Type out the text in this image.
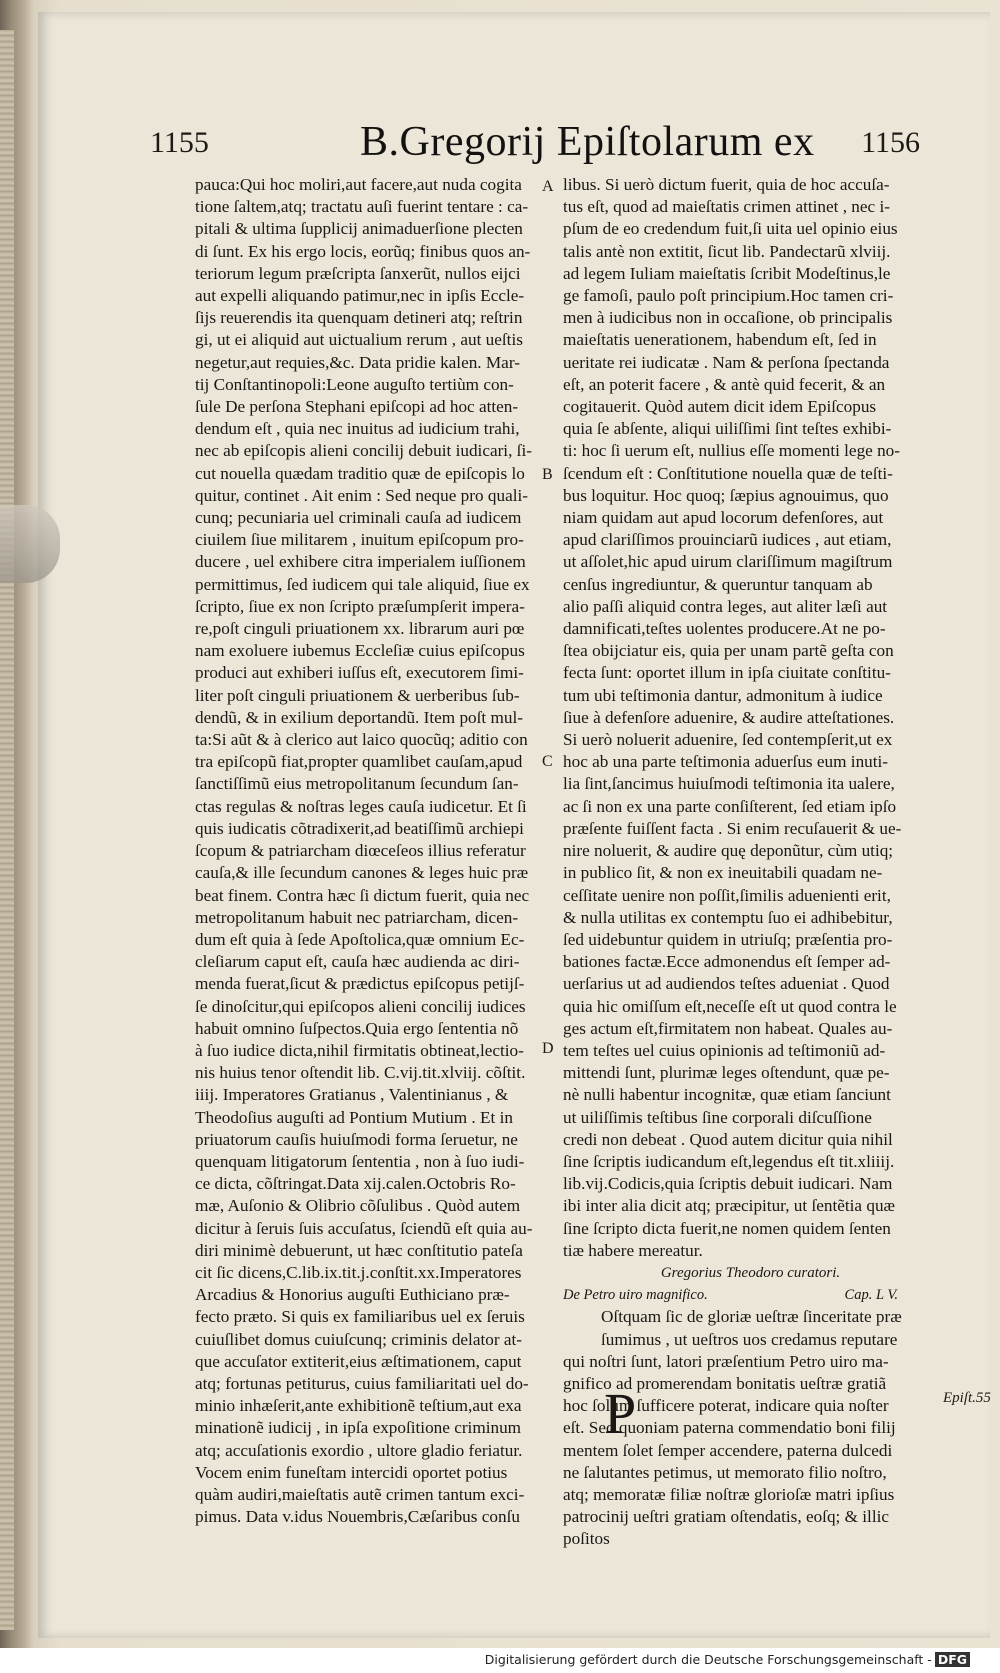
1155	B.Gregorij Epiſtolarum ex 1156
pauca:Qui hoc moliri,aut facere,aut nuda cogita
tione ſaltem,atq; tractatu auſi fuerint tentare : ca-
pitali & ultima ſupplicij animaduerſione plecten
di ſunt. Ex his ergo locis, eorũq; finibus quos an-
teriorum legum præſcripta ſanxerũt, nullos eijci
aut expelli aliquando patimur,nec in ipſis Eccle-
ſijs reuerendis ita quenquam detineri atq; reſtrin
gi, ut ei aliquid aut uictualium rerum , aut ueſtis
negetur,aut requies,&c. Data pridie kalen. Mar-
tij Conſtantinopoli:Leone auguſto tertiùm con-
ſule De perſona Stephani epiſcopi ad hoc atten-
dendum eſt , quia nec inuitus ad iudicium trahi,
nec ab epiſcopis alieni concilij debuit iudicari, ſi-
cut nouella quædam traditio quæ de epiſcopis lo
quitur, continet . Ait enim : Sed neque pro quali-
cunq; pecuniaria uel criminali cauſa ad iudicem
ciuilem ſiue militarem , inuitum epiſcopum pro-
ducere , uel exhibere citra imperialem iuſſionem
permittimus, ſed iudicem qui tale aliquid, ſiue ex
ſcripto, ſiue ex non ſcripto præſumpſerit impera-
re,poſt cinguli priuationem xx. librarum auri pœ
nam exoluere iubemus Eccleſiæ cuius epiſcopus
produci aut exhiberi iuſſus eſt, executorem ſimi-
liter poſt cinguli priuationem & uerberibus ſub-
dendũ, & in exilium deportandũ. Item poſt mul-
ta:Si aũt & à clerico aut laico quocũq; aditio con
tra epiſcopũ fiat,propter quamlibet cauſam,apud
ſanctiſſimũ eius metropolitanum ſecundum ſan-
ctas regulas & noſtras leges cauſa iudicetur. Et ſi
quis iudicatis cõtradixerit,ad beatiſſimũ archiepi
ſcopum & patriarcham diœceſeos illius referatur
cauſa,& ille ſecundum canones & leges huic præ
beat finem. Contra hæc ſi dictum fuerit, quia nec
metropolitanum habuit nec patriarcham, dicen-
dum eſt quia à ſede Apoſtolica,quæ omnium Ec-
cleſiarum caput eſt, cauſa hæc audienda ac diri-
menda fuerat,ſicut & prædictus epiſcopus petijſ-
ſe dinoſcitur,qui epiſcopos alieni concilij iudices
habuit omnino ſuſpectos.Quia ergo ſententia nõ
à ſuo iudice dicta,nihil firmitatis obtineat,lectio-
nis huius tenor oſtendit lib. C.vij.tit.xlviij. cõſtit.
iiij. Imperatores Gratianus , Valentinianus , &
Theodoſius auguſti ad Pontium Mutium . Et in
priuatorum cauſis huiuſmodi forma ſeruetur, ne
quenquam litigatorum ſententia , non à ſuo iudi-
ce dicta, cõſtringat.Data xij.calen.Octobris Ro-
mæ, Auſonio & Olibrio cõſulibus . Quòd autem
dicitur à ſeruis ſuis accuſatus, ſciendũ eſt quia au-
diri minimè debuerunt, ut hæc conſtitutio pateſa
cit ſic dicens,C.lib.ix.tit.j.conſtit.xx.Imperatores
Arcadius & Honorius auguſti Euthiciano præ-
fecto præto. Si quis ex familiaribus uel ex ſeruis
cuiuſlibet domus cuiuſcunq; criminis delator at-
que accuſator extiterit,eius æſtimationem, caput
atq; fortunas petiturus, cuius familiaritati uel do-
minio inhæſerit,ante exhibitionẽ teſtium,aut exa
minationẽ iudicij , in ipſa expoſitione criminum
atq; accuſationis exordio , ultore gladio feriatur.
Vocem enim funeſtam intercidi oportet potius
quàm audiri,maieſtatis autẽ crimen tantum exci-
pimus. Data v.idus Nouembris,Cæſaribus conſu
libus. Si uerò dictum fuerit, quia de hoc accuſa-
tus eſt, quod ad maieſtatis crimen attinet , nec i-
pſum de eo credendum fuit,ſi uita uel opinio eius
talis antè non extitit, ſicut lib. Pandectarũ xlviij.
ad legem Iuliam maieſtatis ſcribit Modeſtinus,le
ge famoſi, paulo poſt principium.Hoc tamen cri-
men à iudicibus non in occaſione, ob principalis
maieſtatis uenerationem, habendum eſt, ſed in
ueritate rei iudicatæ . Nam & perſona ſpectanda
eſt, an poterit facere , & antè quid fecerit, & an
cogitauerit. Quòd autem dicit idem Epiſcopus
quia ſe abſente, aliqui uiliſſimi ſint teſtes exhibi-
ti: hoc ſi uerum eſt, nullius eſſe momenti lege no-
ſcendum eſt : Conſtitutione nouella quæ de teſti-
bus loquitur. Hoc quoq; ſæpius agnouimus, quo
niam quidam aut apud locorum defenſores, aut
apud clariſſimos prouinciarũ iudices , aut etiam,
ut aſſolet,hic apud uirum clariſſimum magiſtrum
cenſus ingrediuntur, & queruntur tanquam ab
alio paſſi aliquid contra leges, aut aliter læſi aut
damnificati,teſtes uolentes producere.At ne po-
ſtea obijciatur eis, quia per unam partẽ geſta con
fecta ſunt: oportet illum in ipſa ciuitate conſtitu-
tum ubi teſtimonia dantur, admonitum à iudice
ſiue à defenſore aduenire, & audire atteſtationes.
Si uerò noluerit aduenire, ſed contempſerit,ut ex
hoc ab una parte teſtimonia aduerſus eum inuti-
lia ſint,ſancimus huiuſmodi teſtimonia ita ualere,
ac ſi non ex una parte conſiſterent, ſed etiam ipſo
præſente fuiſſent facta . Si enim recuſauerit & ue-
nire noluerit, & audire quę deponũtur, cùm utiq;
in publico ſit, & non ex ineuitabili quadam ne-
ceſſitate uenire non poſſit,ſimilis aduenienti erit,
& nulla utilitas ex contemptu ſuo ei adhibebitur,
ſed uidebuntur quidem in utriuſq; præſentia pro-
bationes factæ.Ecce admonendus eſt ſemper ad-
uerſarius ut ad audiendos teſtes adueniat . Quod
quia hic omiſſum eſt,neceſſe eſt ut quod contra le
ges actum eſt,firmitatem non habeat. Quales au-
tem teſtes uel cuius opinionis ad teſtimoniũ ad-
mittendi ſunt, plurimæ leges oſtendunt, quæ pe-
nè nulli habentur incognitæ, quæ etiam ſanciunt
ut uiliſſimis teſtibus ſine corporali diſcuſſione
credi non debeat . Quod autem dicitur quia nihil
ſine ſcriptis iudicandum eſt,legendus eſt tit.xliiij.
lib.vij.Codicis,quia ſcriptis debuit iudicari. Nam
ibi inter alia dicit atq; præcipitur, ut ſentẽtia quæ
ſine ſcripto dicta fuerit,ne nomen quidem ſenten
tiæ habere mereatur.
Gregorius Theodoro curatori.
De Petro uiro magnifico.	Cap. L V.
Oſtquam ſic de gloriæ ueſtræ ſinceritate præ
ſumimus , ut ueſtros uos credamus reputare
qui noſtri ſunt, latori præſentium Petro uiro ma-
gnifico ad promerendam bonitatis ueſtræ gratiã
hoc ſolum ſufficere poterat, indicare quia noſter
eſt. Sed quoniam paterna commendatio boni filij
mentem ſolet ſemper accendere, paterna dulcedi
ne ſalutantes petimus, ut memorato filio noſtro,
atq; memoratæ filiæ noſtræ glorioſæ matri ipſius
patrocinij ueſtri gratiam oſtendatis, eoſq; & illic
poſitos
P	Epiſt.55
A
B
C
D
Digitalisierung gefördert durch die Deutsche Forschungsgemeinschaft - DFG
